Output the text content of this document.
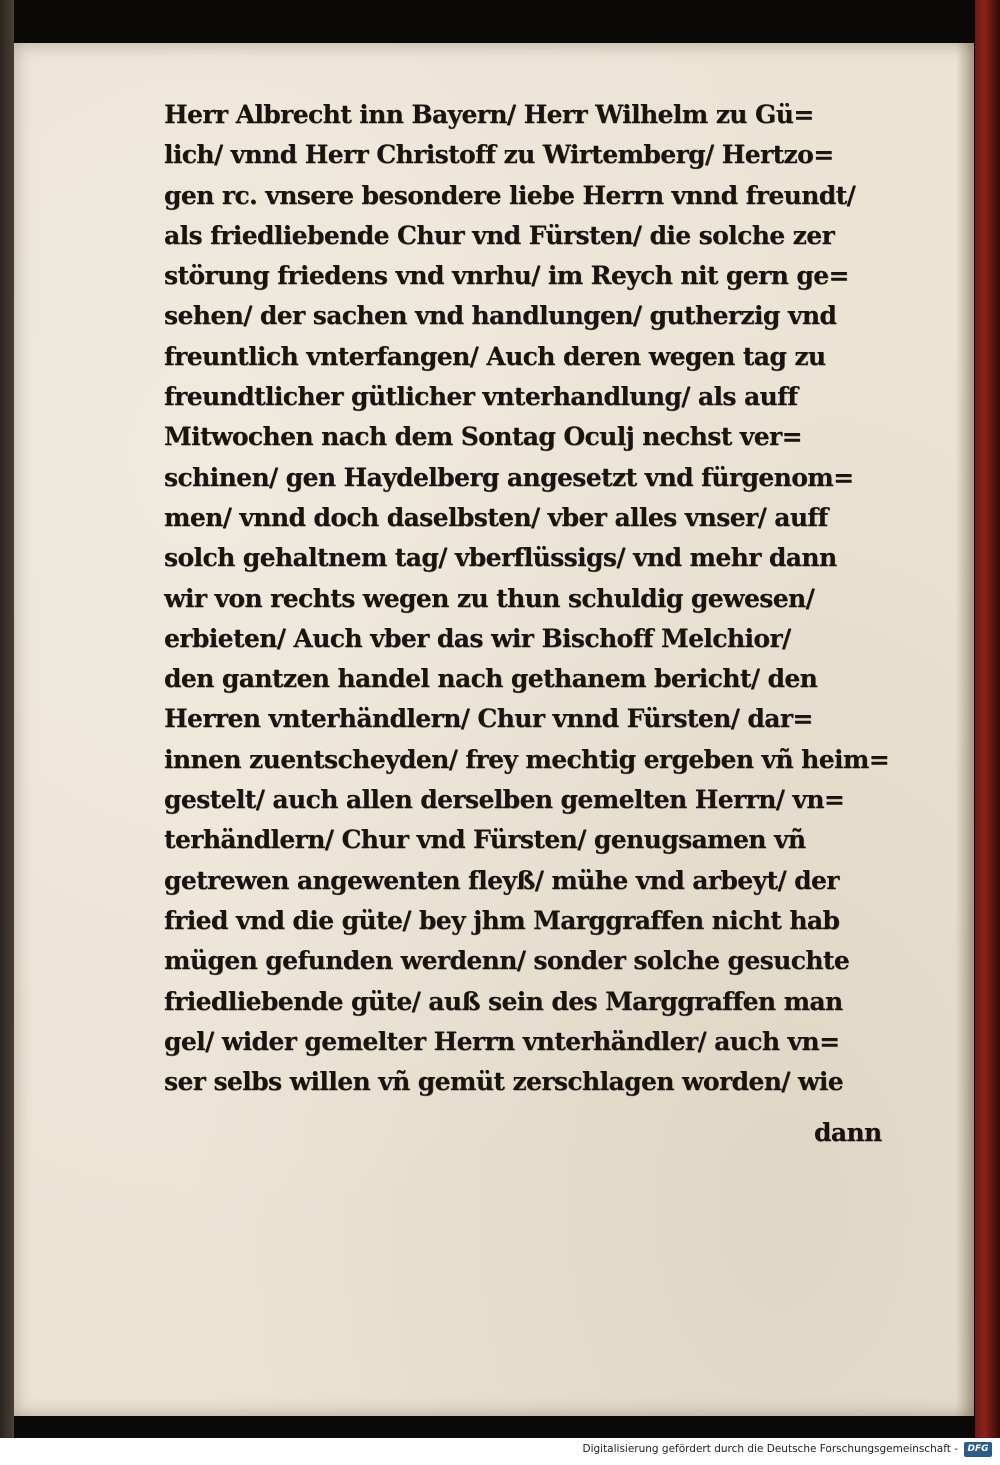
Herr Albrecht inn Bayern/ Herr Wilhelm zu Gü=
lich/ vnnd Herr Christoff zu Wirtemberg/ Hertzo=
gen rc. vnsere besondere liebe Herrn vnnd freundt/
als friedliebende Chur vnd Fürsten/ die solche zer
störung friedens vnd vnrhu/ im Reych nit gern ge=
sehen/ der sachen vnd handlungen/ gutherzig vnd
freuntlich vnterfangen/ Auch deren wegen tag zu
freundtlicher gütlicher vnterhandlung/ als auff
Mitwochen nach dem Sontag Oculj nechst ver=
schinen/ gen Haydelberg angesetzt vnd fürgenom=
men/ vnnd doch daselbsten/ vber alles vnser/ auff
solch gehaltnem tag/ vberflüssigs/ vnd mehr dann
wir von rechts wegen zu thun schuldig gewesen/
erbieten/ Auch vber das wir Bischoff Melchior/
den gantzen handel nach gethanem bericht/ den
Herren vnterhändlern/ Chur vnnd Fürsten/ dar=
innen zuentscheyden/ frey mechtig ergeben vñ heim=
gestelt/ auch allen derselben gemelten Herrn/ vn=
terhändlern/ Chur vnd Fürsten/ genugsamen vñ
getrewen angewenten fleyß/ mühe vnd arbeyt/ der
fried vnd die güte/ bey jhm Marggraffen nicht hab
mügen gefunden werdenn/ sonder solche gesuchte
friedliebende güte/ auß sein des Marggraffen man
gel/ wider gemelter Herrn vnterhändler/ auch vn=
ser selbs willen vñ gemüt zerschlagen worden/ wie
dann
Digitalisierung gefördert durch die Deutsche Forschungsgemeinschaft -	DFG
